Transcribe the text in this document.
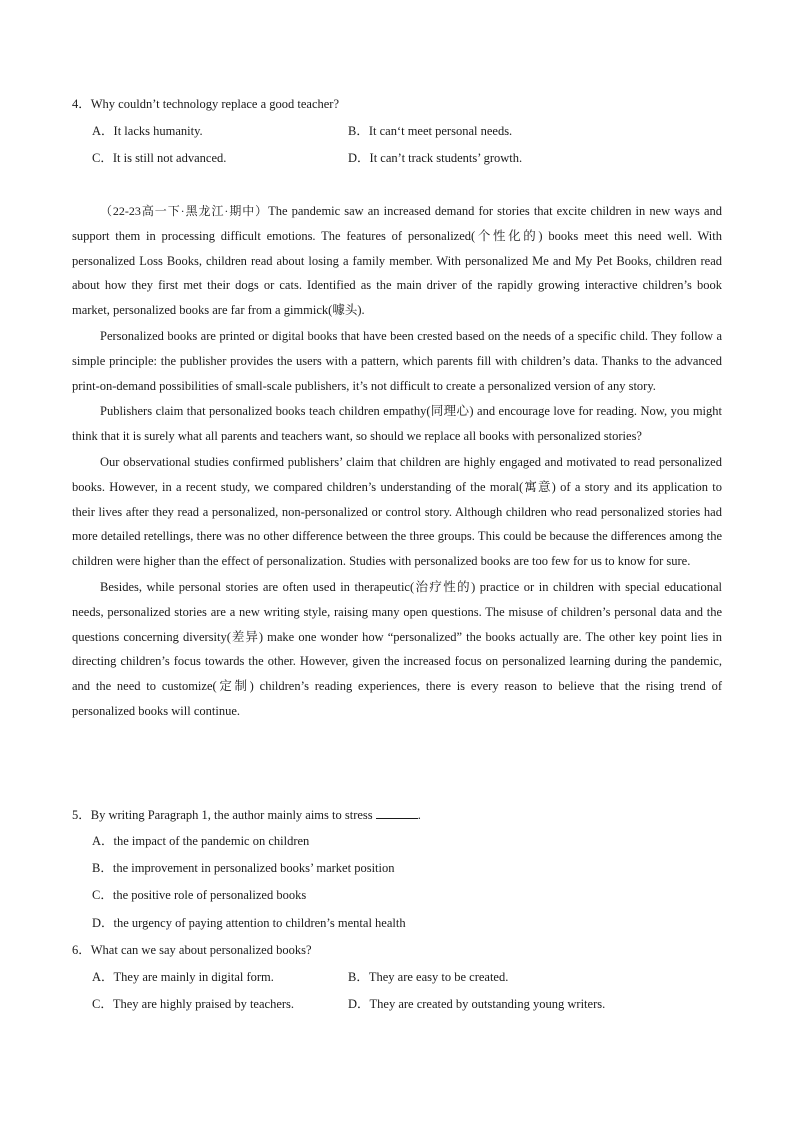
4．Why couldn’t technology replace a good teacher?
A．It lacks humanity.	B．It can‘t meet personal needs.
C．It is still not advanced.	D．It can’t track students’ growth.

（22-23高一下·黑龙江·期中）The pandemic saw an increased demand for stories that excite children in new ways and support them in processing difficult emotions. The features of personalized(个性化的) books meet this need well. With personalized Loss Books, children read about losing a family member. With personalized Me and My Pet Books, children read about how they first met their dogs or cats. Identified as the main driver of the rapidly growing interactive children’s book market, personalized books are far from a gimmick(噱头).

Personalized books are printed or digital books that have been crested based on the needs of a specific child. They follow a simple principle: the publisher provides the users with a pattern, which parents fill with children’s data. Thanks to the advanced print-on-demand possibilities of small-scale publishers, it’s not difficult to create a personalized version of any story.

Publishers claim that personalized books teach children empathy(同理心) and encourage love for reading. Now, you might think that it is surely what all parents and teachers want, so should we replace all books with personalized stories?

Our observational studies confirmed publishers’ claim that children are highly engaged and motivated to read personalized books. However, in a recent study, we compared children’s understanding of the moral(寓意) of a story and its application to their lives after they read a personalized, non-personalized or control story. Although children who read personalized stories had more detailed retellings, there was no other difference between the three groups. This could be because the differences among the children were higher than the effect of personalization. Studies with personalized books are too few for us to know for sure.

Besides, while personal stories are often used in therapeutic(治疗性的) practice or in children with special educational needs, personalized stories are a new writing style, raising many open questions. The misuse of children’s personal data and the questions concerning diversity(差异) make one wonder how “personalized” the books actually are. The other key point lies in directing children’s focus towards the other. However, given the increased focus on personalized learning during the pandemic, and the need to customize(定制) children’s reading experiences, there is every reason to believe that the rising trend of personalized books will continue.

5．By writing Paragraph 1, the author mainly aims to stress	.
A．the impact of the pandemic on children
B．the improvement in personalized books’ market position
C．the positive role of personalized books
D．the urgency of paying attention to children’s mental health
6．What can we say about personalized books?
A．They are mainly in digital form.	B．They are easy to be created.
C．They are highly praised by teachers.	D．They are created by outstanding young writers.
